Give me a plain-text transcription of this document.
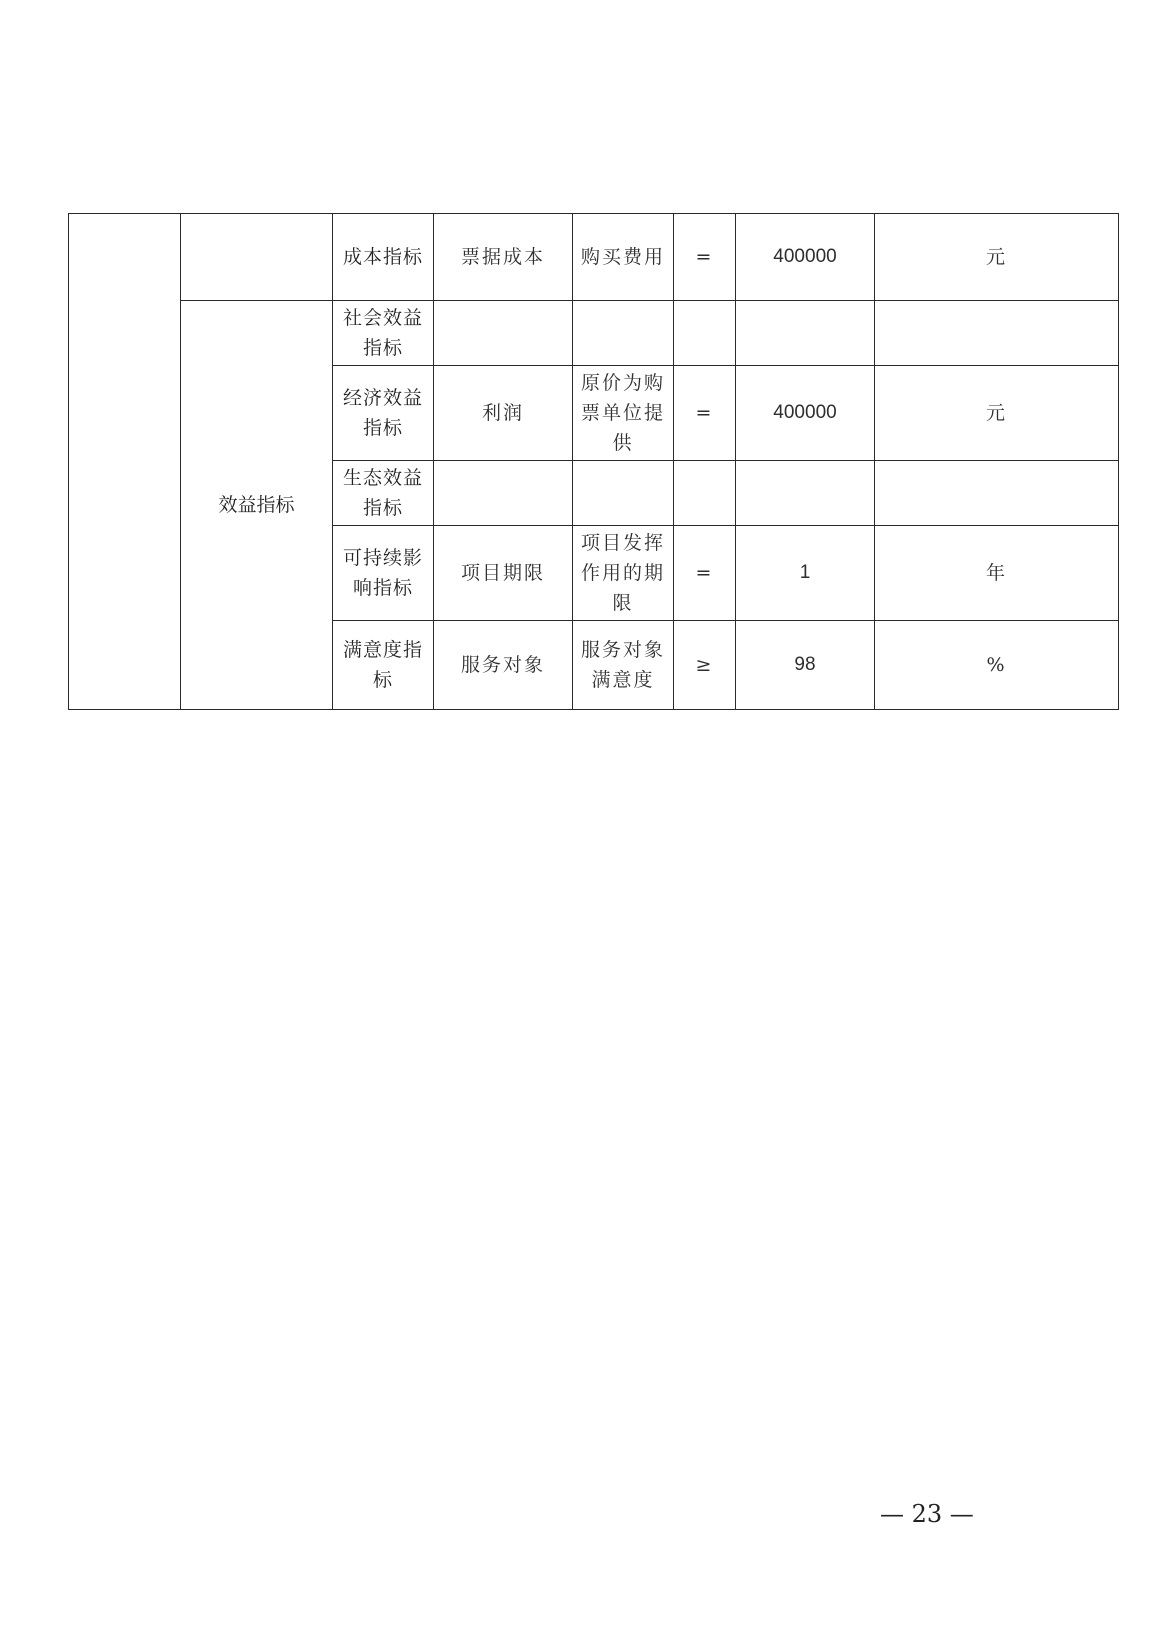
		成本指标	票据成本	购买费用	=	400000	元
	效益指标	社会效益指标					
		经济效益指标	利润	原价为购票单位提供	=	400000	元
		生态效益指标					
		可持续影响指标	项目期限	项目发挥作用的期限	=	1	年
		满意度指标	服务对象	服务对象满意度	≥	98	%
— 23 —
